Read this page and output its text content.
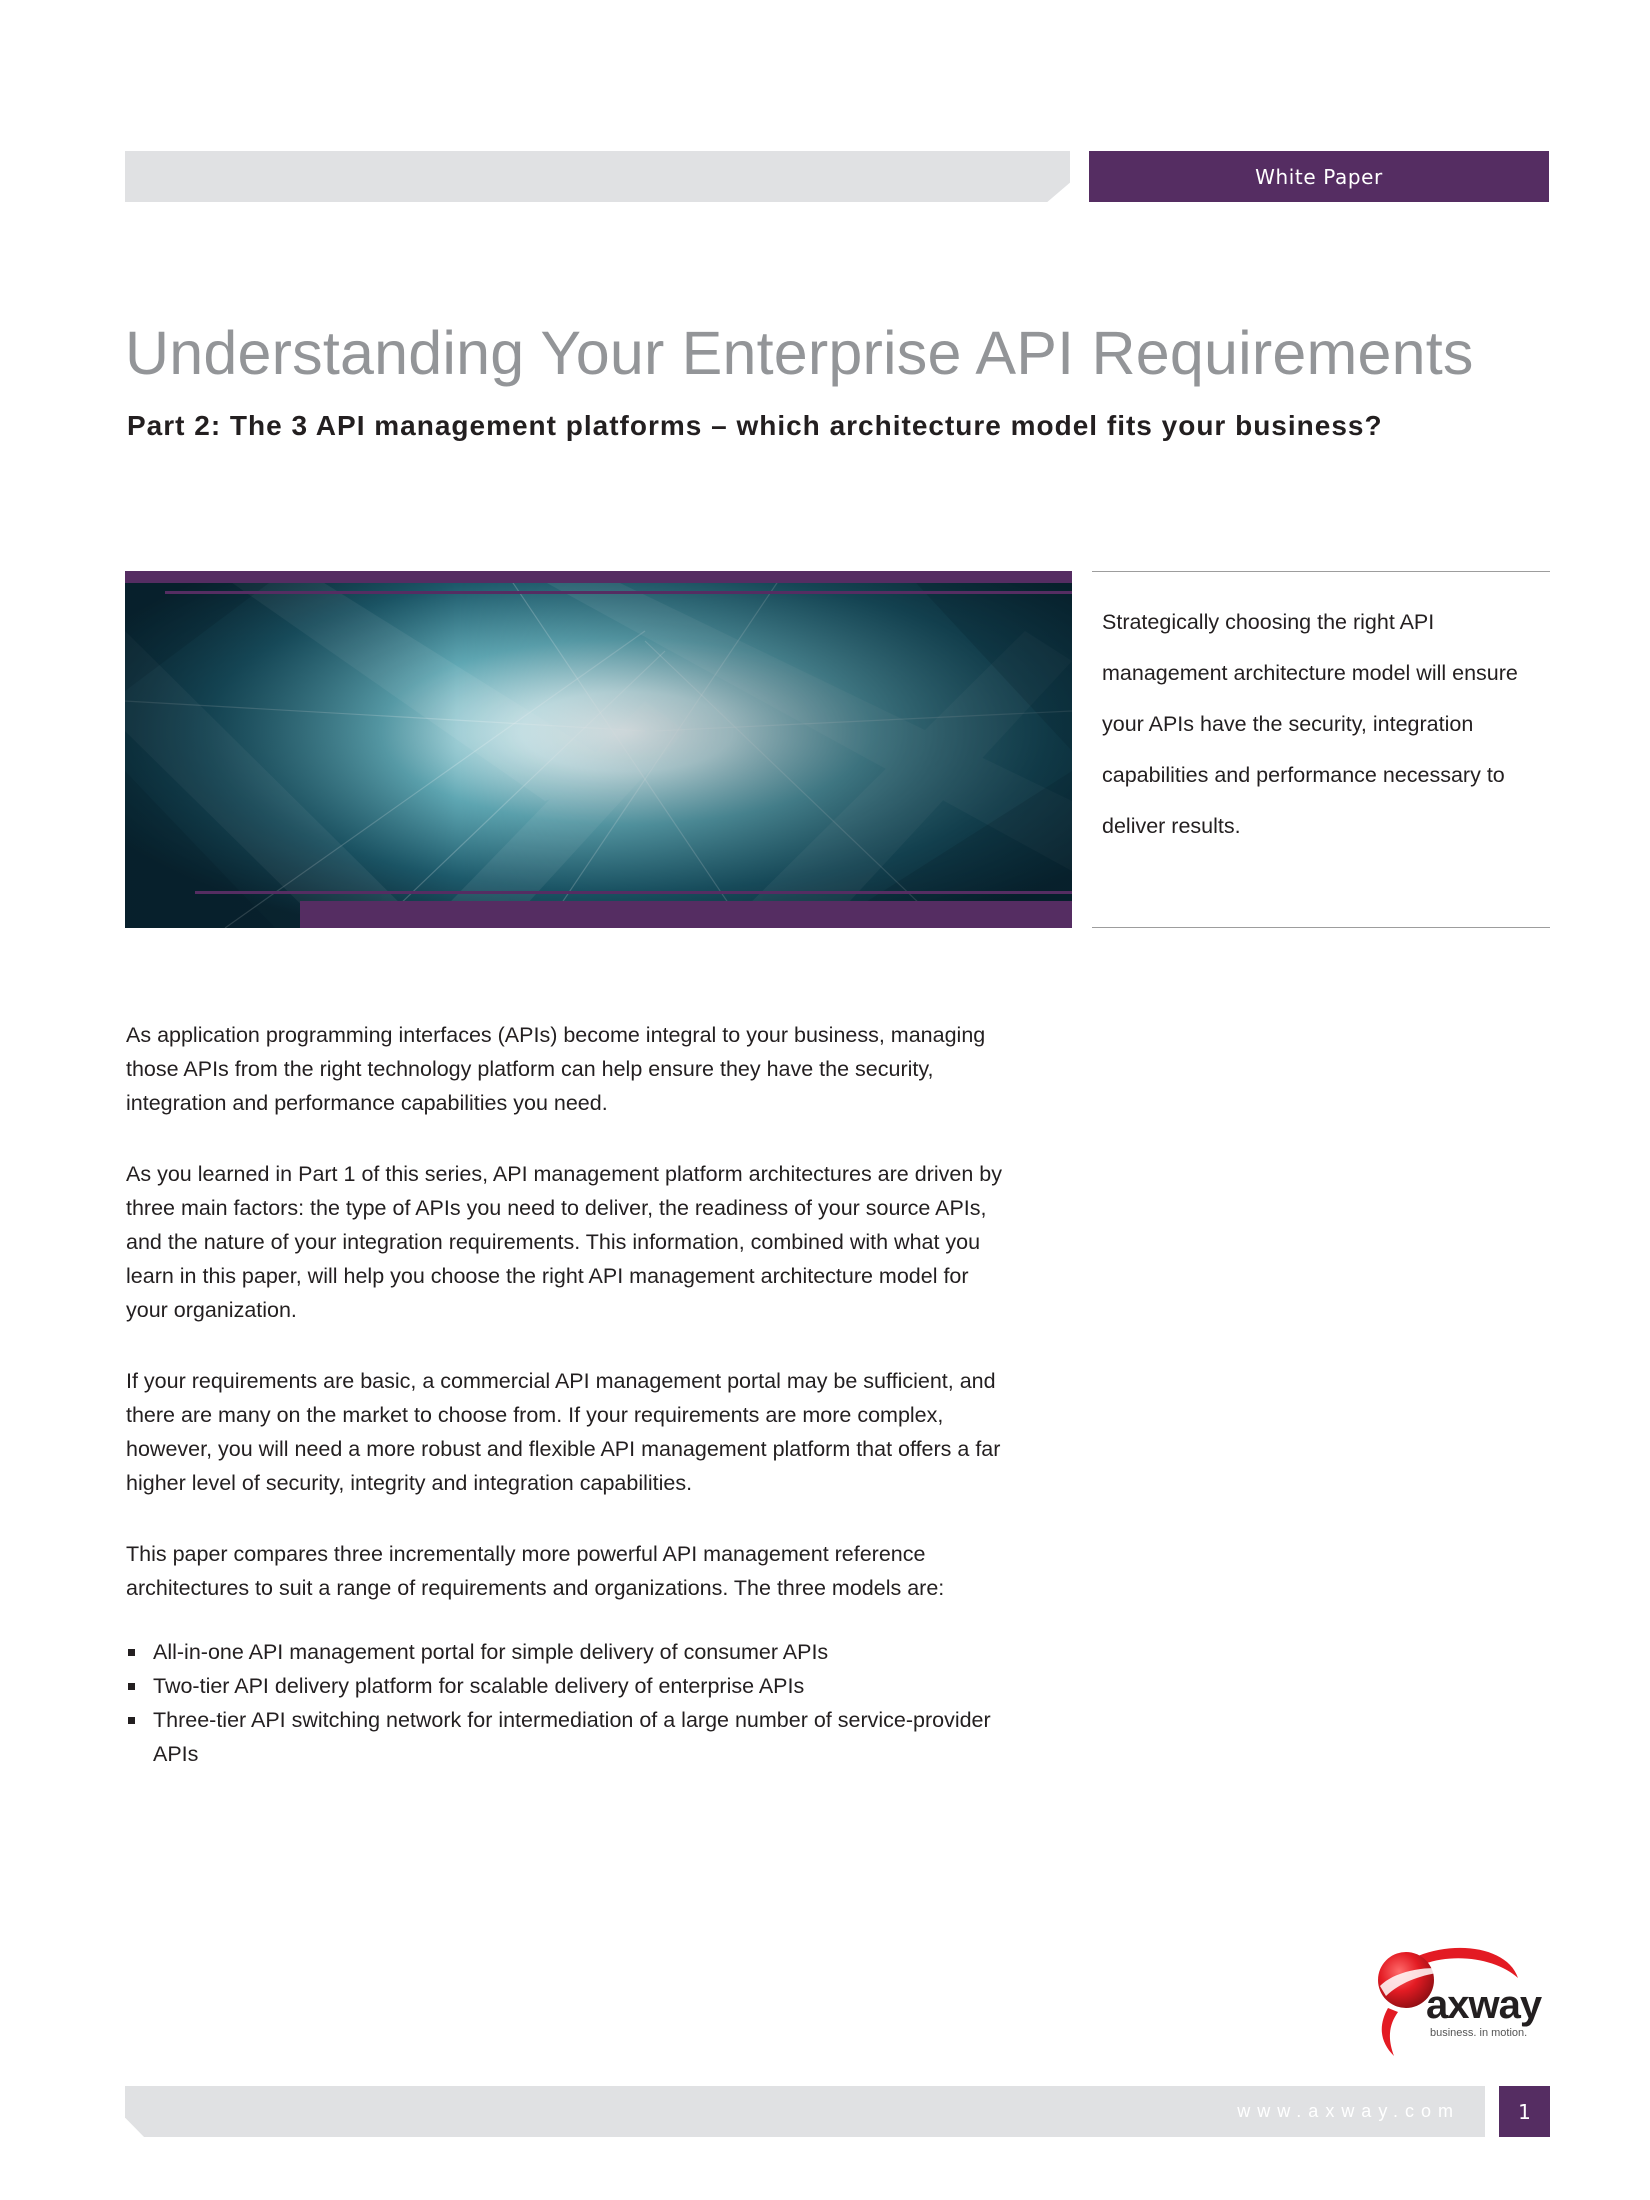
White Paper
Understanding Your Enterprise API Requirements
Part 2: The 3 API management platforms – which architecture model fits your business?
Strategically choosing the right API management architecture model will ensure your APIs have the security, integration capabilities and performance necessary to deliver results.

As application programming interfaces (APIs) become integral to your business, managing those APIs from the right technology platform can help ensure they have the security, integration and performance capabilities you need.

As you learned in Part 1 of this series, API management platform architectures are driven by three main factors: the type of APIs you need to deliver, the readiness of your source APIs, and the nature of your integration requirements. This information, combined with what you learn in this paper, will help you choose the right API management architecture model for your organization.

If your requirements are basic, a commercial API management portal may be sufficient, and there are many on the market to choose from. If your requirements are more complex, however, you will need a more robust and flexible API management platform that offers a far higher level of security, integrity and integration capabilities.

This paper compares three incrementally more powerful API management reference architectures to suit a range of requirements and organizations. The three models are:

All-in-one API management portal for simple delivery of consumer APIs
Two-tier API delivery platform for scalable delivery of enterprise APIs
Three-tier API switching network for intermediation of a large number of service-provider APIs
axway
business. in motion.
www.axway.com	1
